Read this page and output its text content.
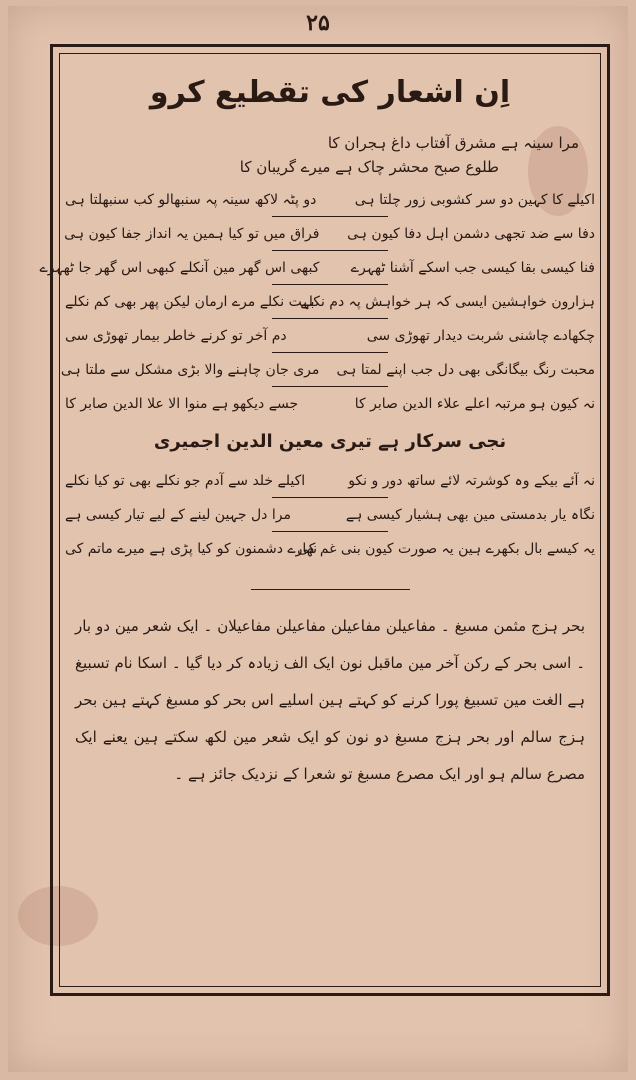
۲۵
اِن اشعار کی تقطیع کرو
مرا سینہ ہے مشرق آفتاب داغ ہجران کا
طلوع صبح محشر چاک ہے میرے گریبان کا
اکیلے کا کہین دو سر کشوبی زور چلتا ہی
دو پٹہ لاکھ سینہ پہ سنبھالو کب سنبھلتا ہی
دفا سے ضد تجھی دشمن اہل دفا کیون ہی
فراق میں تو کیا ہمین یہ انداز جفا کیون ہی
فنا کیسی بقا کیسی جب اسکے آشنا ٹھہرے
کبھی اس گھر مین آنکلے کبھی اس گھر جا ٹھہرے
ہزارون خواہشین ایسی کہ ہر خواہش پہ دم نکلے
بہت نکلے مرے ارمان لیکن پھر بھی کم نکلے
چکھادے چاشنی شربت دیدار تھوڑی سی
دم آخر تو کرنے خاطر بیمار تھوڑی سی
محبت رنگ بیگانگی بھی دل جب اپنے لمتا ہی
مری جان چاہنے والا بڑی مشکل سے ملتا ہی
نہ کیون ہو مرتبہ اعلے علاء الدین صابر کا
جسے دیکھو ہے منوا الا علا الدین صابر کا
نجی سرکار ہے تیری معین الدین اجمیری
نہ آئے بیکے وہ کوشرتہ لائے ساتھ دور و نکو
اکیلے خلد سے آدم جو نکلے بھی تو کیا نکلے
نگاہ یار بدمستی مین بھی ہشیار کیسی ہے
مرا دل جہین لینے کے لیے تیار کیسی ہے
یہ کیسے بال بکھرے ہین یہ صورت کیون بنی غم کی
نھارے دشمنون کو کیا پڑی ہے میرے ماتم کی
بحر ہزج مثمن مسبغ ۔ مفاعیلن مفاعیلن مفاعیلن مفاعیلان ۔ ایک شعر مین دو بار ۔ اسی بحر کے رکن آخر مین ماقبل نون ایک الف زیادہ کر دیا گیا ۔ اسکا نام تسبیغ ہے الغت مین تسبیغ پورا کرنے کو کہتے ہین اسلیے اس بحر کو مسبغ کہتے ہین بحر ہزج سالم اور بحر ہزج مسبغ دو نون کو ایک شعر مین لکھ سکتے ہین یعنے ایک مصرع سالم ہو اور ایک مصرع مسبغ تو شعرا کے نزدیک جائز ہے ۔
